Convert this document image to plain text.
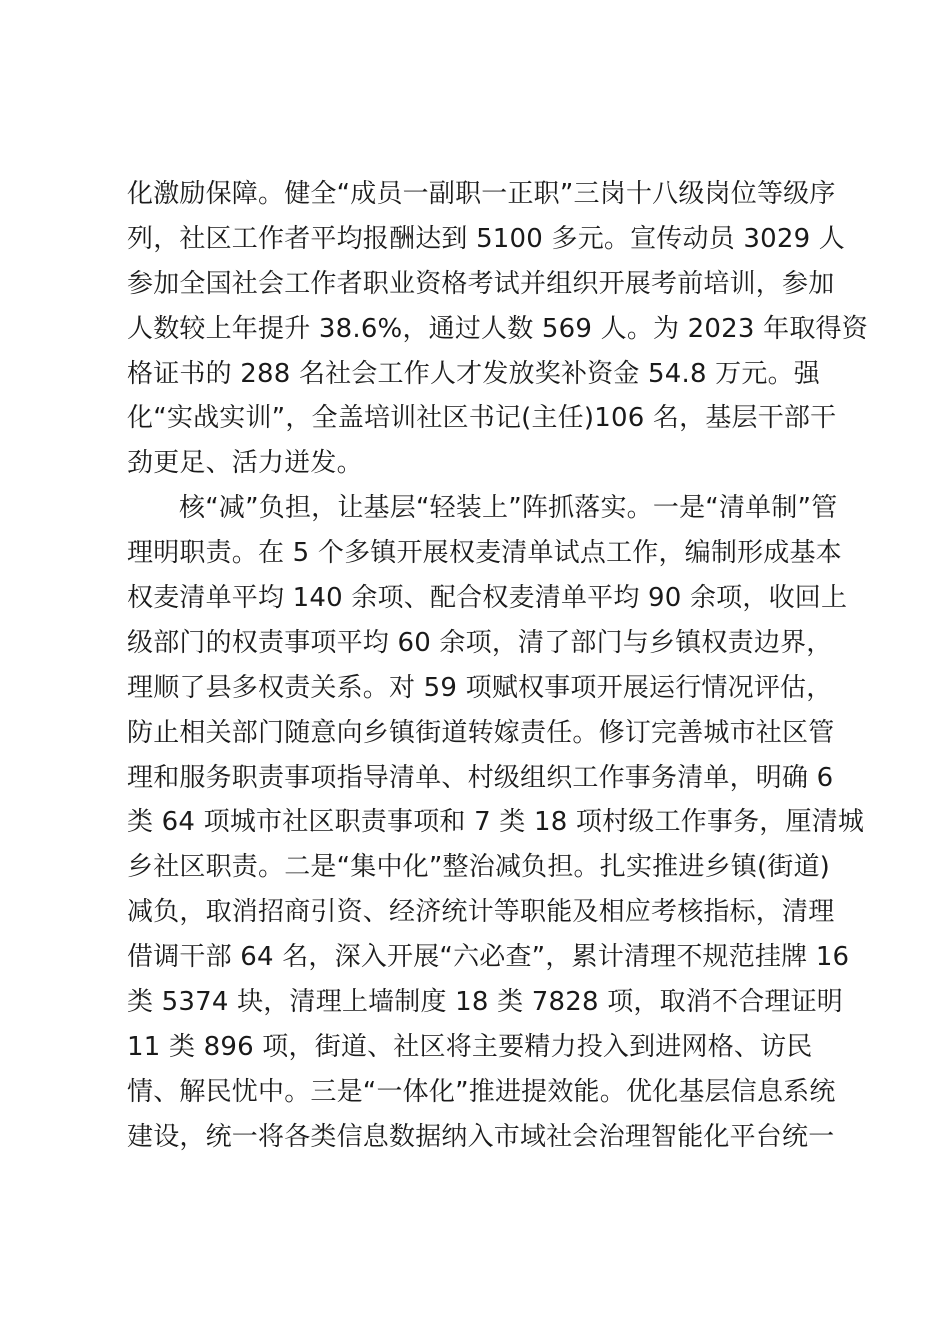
化激励保障。健全“成员一副职一正职”三岗十八级岗位等级序
列，社区工作者平均报酬达到 5100 多元。宣传动员 3029 人
参加全国社会工作者职业资格考试并组织开展考前培训，参加
人数较上年提升 38.6%，通过人数 569 人。为 2023 年取得资
格证书的 288 名社会工作人才发放奖补资金 54.8 万元。强
化“实战实训”，全盖培训社区书记(主任)106 名，基层干部干
劲更足、活力迸发。
核“减”负担，让基层“轻装上”阵抓落实。一是“清单制”管
理明职责。在 5 个多镇开展权麦清单试点工作，编制形成基本
权麦清单平均 140 余项、配合权麦清单平均 90 余项，收回上
级部门的权责事项平均 60 余项，清了部门与乡镇权责边界，
理顺了县多权责关系。对 59 项赋权事项开展运行情况评估，
防止相关部门随意向乡镇街道转嫁责任。修订完善城市社区管
理和服务职责事项指导清单、村级组织工作事务清单，明确 6
类 64 项城市社区职责事项和 7 类 18 项村级工作事务，厘清城
乡社区职责。二是“集中化”整治减负担。扎实推进乡镇(街道)
减负，取消招商引资、经济统计等职能及相应考核指标，清理
借调干部 64 名，深入开展“六必查”，累计清理不规范挂牌 16
类 5374 块，清理上墙制度 18 类 7828 项，取消不合理证明
11 类 896 项，街道、社区将主要精力投入到进网格、访民
情、解民忧中。三是“一体化”推进提效能。优化基层信息系统
建设，统一将各类信息数据纳入市域社会治理智能化平台统一
